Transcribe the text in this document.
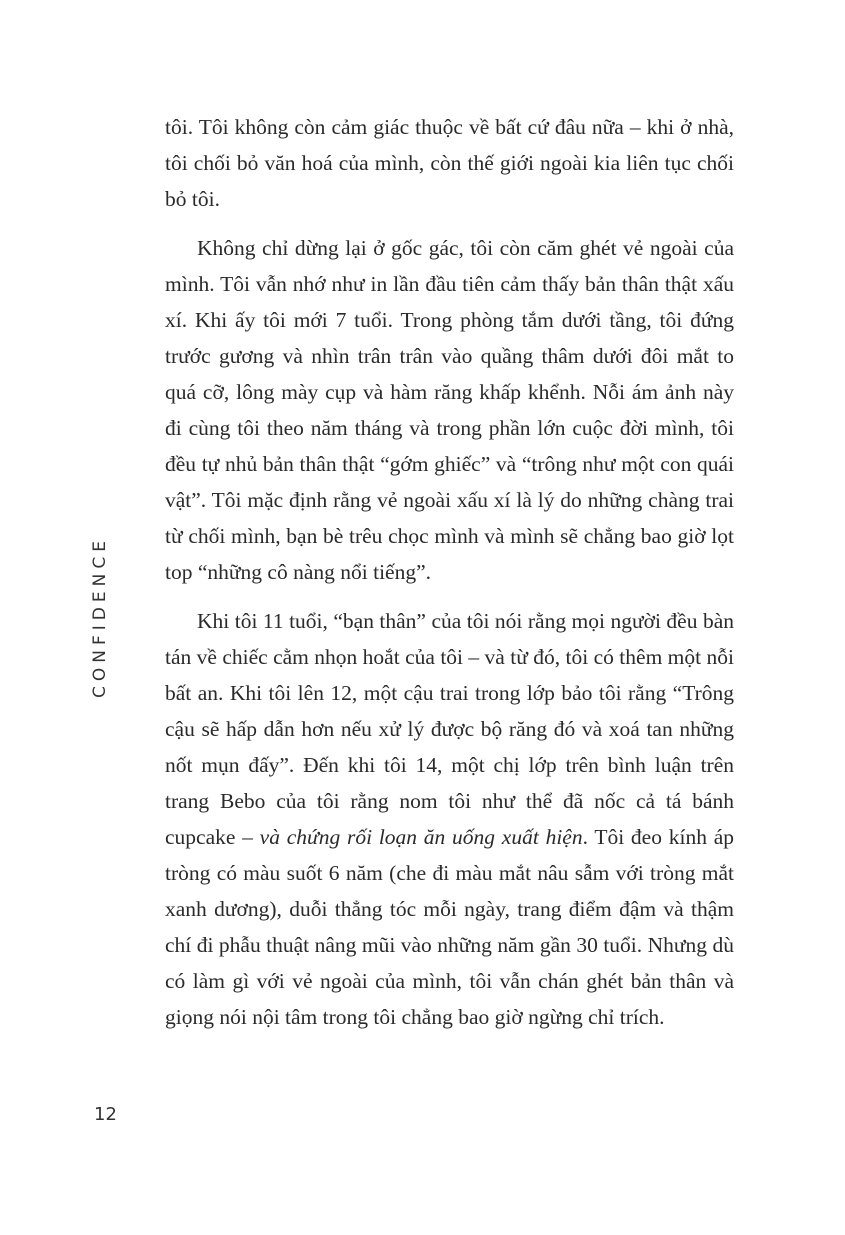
CONFIDENCE

tôi. Tôi không còn cảm giác thuộc về bất cứ đâu nữa – khi ở nhà, tôi chối bỏ văn hoá của mình, còn thế giới ngoài kia liên tục chối bỏ tôi.

Không chỉ dừng lại ở gốc gác, tôi còn căm ghét vẻ ngoài của mình. Tôi vẫn nhớ như in lần đầu tiên cảm thấy bản thân thật xấu xí. Khi ấy tôi mới 7 tuổi. Trong phòng tắm dưới tầng, tôi đứng trước gương và nhìn trân trân vào quầng thâm dưới đôi mắt to quá cỡ, lông mày cụp và hàm răng khấp khểnh. Nỗi ám ảnh này đi cùng tôi theo năm tháng và trong phần lớn cuộc đời mình, tôi đều tự nhủ bản thân thật “gớm ghiếc” và “trông như một con quái vật”. Tôi mặc định rằng vẻ ngoài xấu xí là lý do những chàng trai từ chối mình, bạn bè trêu chọc mình và mình sẽ chẳng bao giờ lọt top “những cô nàng nổi tiếng”.

Khi tôi 11 tuổi, “bạn thân” của tôi nói rằng mọi người đều bàn tán về chiếc cằm nhọn hoắt của tôi – và từ đó, tôi có thêm một nỗi bất an. Khi tôi lên 12, một cậu trai trong lớp bảo tôi rằng “Trông cậu sẽ hấp dẫn hơn nếu xử lý được bộ răng đó và xoá tan những nốt mụn đấy”. Đến khi tôi 14, một chị lớp trên bình luận trên trang Bebo của tôi rằng nom tôi như thể đã nốc cả tá bánh cupcake – và chứng rối loạn ăn uống xuất hiện. Tôi đeo kính áp tròng có màu suốt 6 năm (che đi màu mắt nâu sẫm với tròng mắt xanh dương), duỗi thẳng tóc mỗi ngày, trang điểm đậm và thậm chí đi phẫu thuật nâng mũi vào những năm gần 30 tuổi. Nhưng dù có làm gì với vẻ ngoài của mình, tôi vẫn chán ghét bản thân và giọng nói nội tâm trong tôi chẳng bao giờ ngừng chỉ trích.

12
